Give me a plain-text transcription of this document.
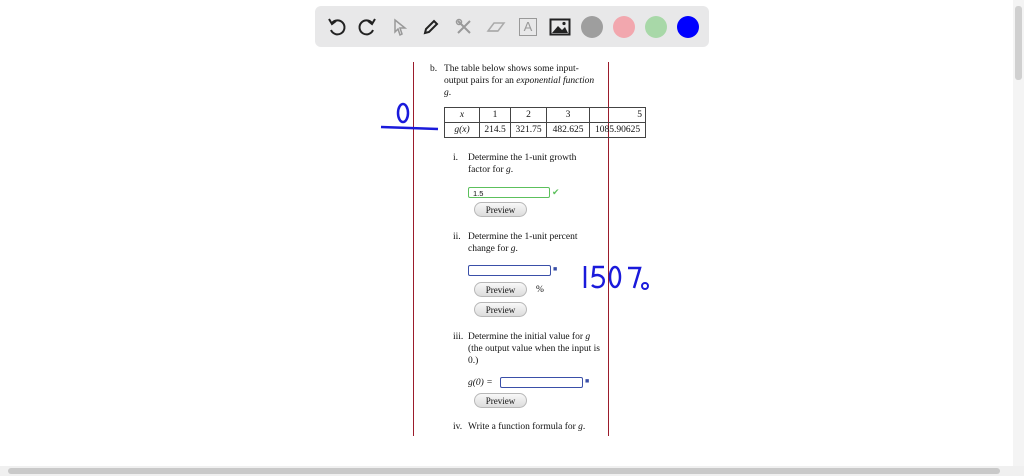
A
b. The table below shows some input-
output pairs for an exponential function
g.
x	1	2	3	5
g(x)	214.5	321.75	482.625	1085.90625
i. Determine the 1-unit growth
factor for g.
1.5	✔
Preview
ii. Determine the 1-unit percent
change for g.
■
Preview	%
Preview
iii. Determine the initial value for g
(the output value when the input is
0.)
g(0) =	■
Preview
iv. Write a function formula for g.
